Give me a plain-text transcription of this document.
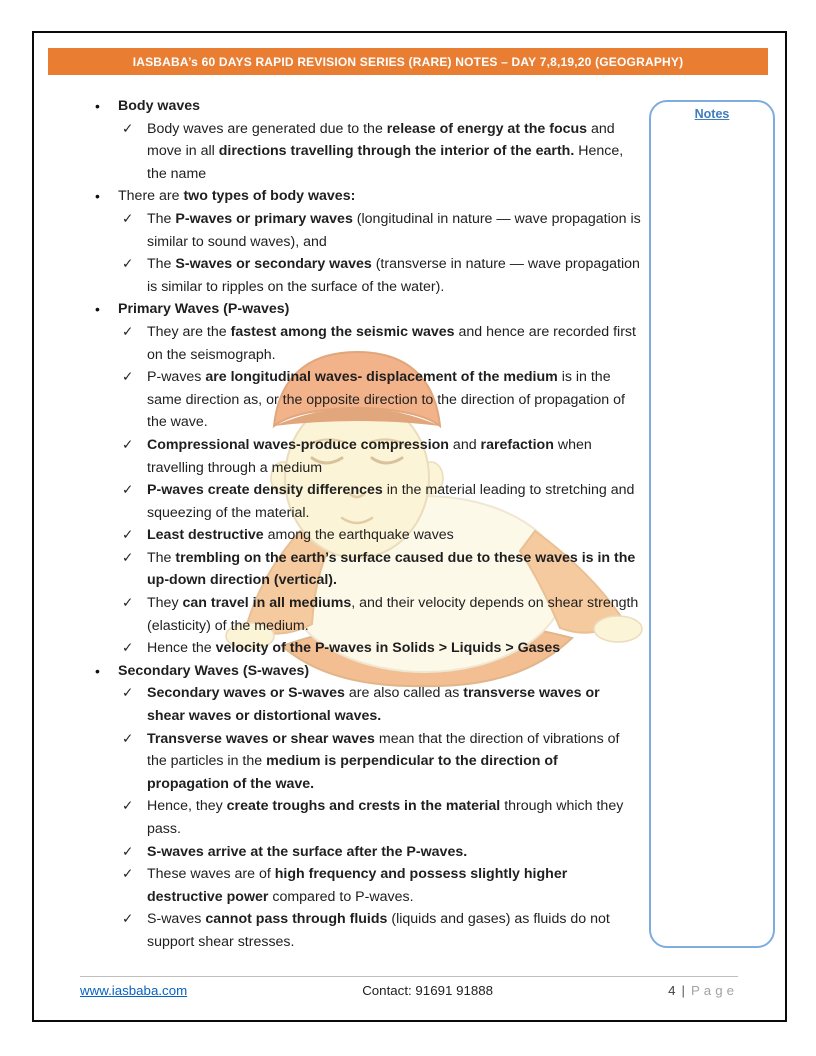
IASBABA’s 60 DAYS RAPID REVISION SERIES (RARE) NOTES – DAY 7,8,19,20 (GEOGRAPHY)
•	Body waves
✓ Body waves are generated due to the release of energy at the focus and move in all directions travelling through the interior of the earth. Hence, the name
•	There are two types of body waves:
✓ The P-waves or primary waves (longitudinal in nature — wave propagation is similar to sound waves), and
✓ The S-waves or secondary waves (transverse in nature — wave propagation is similar to ripples on the surface of the water).
•	Primary Waves (P-waves)
✓ They are the fastest among the seismic waves and hence are recorded first on the seismograph.
✓ P-waves are longitudinal waves- displacement of the medium is in the same direction as, or the opposite direction to the direction of propagation of the wave.
✓ Compressional waves-produce compression and rarefaction when travelling through a medium
✓ P-waves create density differences in the material leading to stretching and squeezing of the material.
✓ Least destructive among the earthquake waves
✓ The trembling on the earth’s surface caused due to these waves is in the up-down direction (vertical).
✓ They can travel in all mediums, and their velocity depends on shear strength (elasticity) of the medium.
✓ Hence the velocity of the P-waves in Solids > Liquids > Gases
•	Secondary Waves (S-waves)
✓ Secondary waves or S-waves are also called as transverse waves or shear waves or distortional waves.
✓ Transverse waves or shear waves mean that the direction of vibrations of the particles in the medium is perpendicular to the direction of propagation of the wave.
✓ Hence, they create troughs and crests in the material through which they pass.
✓ S-waves arrive at the surface after the P-waves.
✓ These waves are of high frequency and possess slightly higher destructive power compared to P-waves.
✓ S-waves cannot pass through fluids (liquids and gases) as fluids do not support shear stresses.
Notes
www.iasbaba.com	Contact: 91691 91888	4 | Page
